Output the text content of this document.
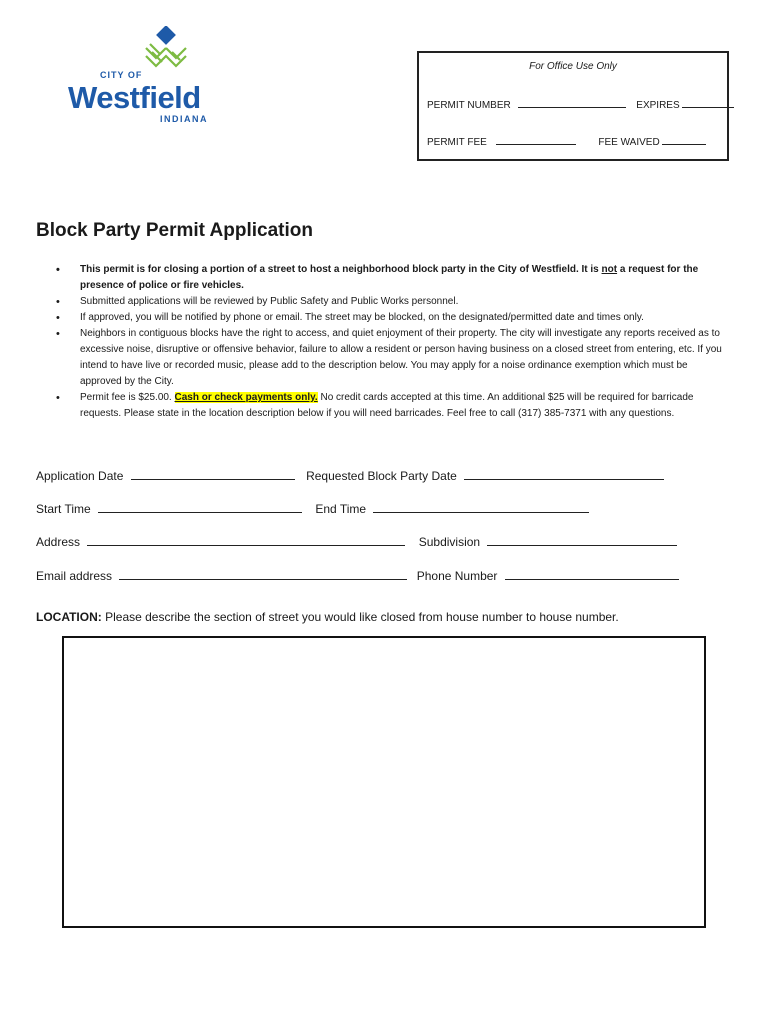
CITY OF
Westfield
INDIANA
For Office Use Only
PERMIT NUMBER	EXPIRES
PERMIT FEE	FEE WAIVED
Block Party Permit Application
• This permit is for closing a portion of a street to host a neighborhood block party in the City of Westfield. It is not a request for the presence of police or fire vehicles.
• Submitted applications will be reviewed by Public Safety and Public Works personnel.
• If approved, you will be notified by phone or email. The street may be blocked, on the designated/permitted date and times only.
• Neighbors in contiguous blocks have the right to access, and quiet enjoyment of their property. The city will investigate any reports received as to excessive noise, disruptive or offensive behavior, failure to allow a resident or person having business on a closed street from entering, etc. If you intend to have live or recorded music, please add to the description below. You may apply for a noise ordinance exemption which must be approved by the City.
• Permit fee is $25.00. Cash or check payments only. No credit cards accepted at this time. An additional $25 will be required for barricade requests. Please state in the location description below if you will need barricades. Feel free to call (317) 385-7371 with any questions.
Application Date	Requested Block Party Date
Start Time	End Time
Address	Subdivision
Email address	Phone Number
LOCATION: Please describe the section of street you would like closed from house number to house number.
